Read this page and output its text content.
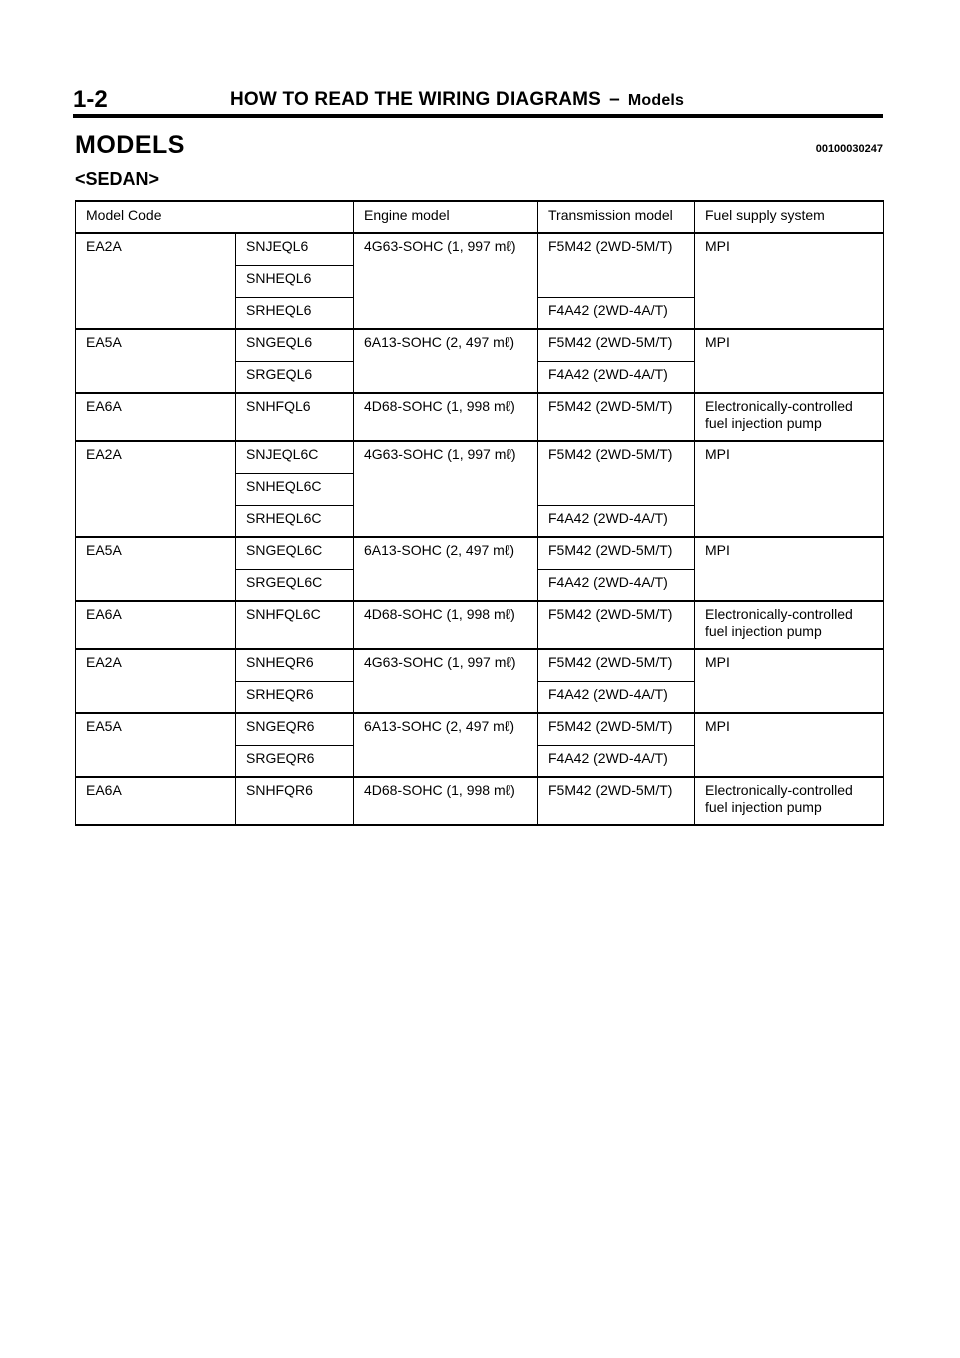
1-2	HOW TO READ THE WIRING DIAGRAMS – Models
MODELS	00100030247
<SEDAN>
Model Code		Engine model	Transmission model	Fuel supply system
EA2A	SNJEQL6	4G63-SOHC (1, 997 mℓ)	F5M42 (2WD-5M/T)	MPI
	SNHEQL6			
	SRHEQL6		F4A42 (2WD-4A/T)	
EA5A	SNGEQL6	6A13-SOHC (2, 497 mℓ)	F5M42 (2WD-5M/T)	MPI
	SRGEQL6		F4A42 (2WD-4A/T)	
EA6A	SNHFQL6	4D68-SOHC (1, 998 mℓ)	F5M42 (2WD-5M/T)	Electronically-controlled fuel injection pump
EA2A	SNJEQL6C	4G63-SOHC (1, 997 mℓ)	F5M42 (2WD-5M/T)	MPI
	SNHEQL6C			
	SRHEQL6C		F4A42 (2WD-4A/T)	
EA5A	SNGEQL6C	6A13-SOHC (2, 497 mℓ)	F5M42 (2WD-5M/T)	MPI
	SRGEQL6C		F4A42 (2WD-4A/T)	
EA6A	SNHFQL6C	4D68-SOHC (1, 998 mℓ)	F5M42 (2WD-5M/T)	Electronically-controlled fuel injection pump
EA2A	SNHEQR6	4G63-SOHC (1, 997 mℓ)	F5M42 (2WD-5M/T)	MPI
	SRHEQR6		F4A42 (2WD-4A/T)	
EA5A	SNGEQR6	6A13-SOHC (2, 497 mℓ)	F5M42 (2WD-5M/T)	MPI
	SRGEQR6		F4A42 (2WD-4A/T)	
EA6A	SNHFQR6	4D68-SOHC (1, 998 mℓ)	F5M42 (2WD-5M/T)	Electronically-controlled fuel injection pump
